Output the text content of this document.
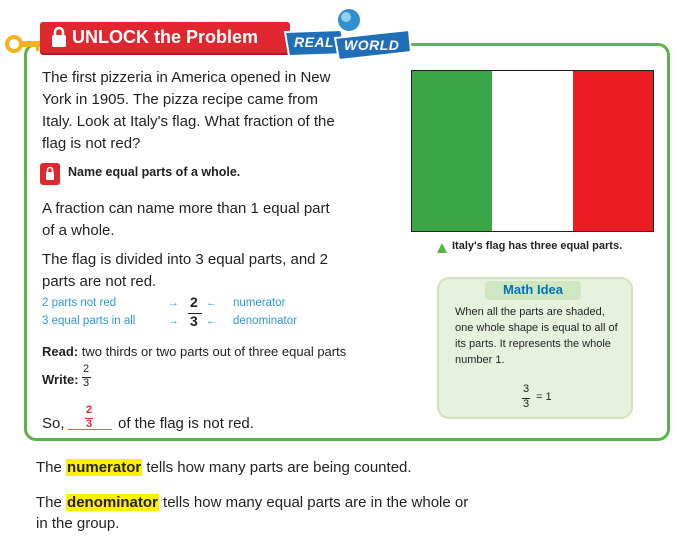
UNLOCK the Problem	REAL WORLD
The first pizzeria in America opened in New York in 1905. The pizza recipe came from Italy. Look at Italy's flag. What fraction of the flag is not red?
Name equal parts of a whole.
A fraction can name more than 1 equal part of a whole.
The flag is divided into 3 equal parts, and 2 parts are not red.
2 parts not red
3 equal parts in all
→
→
2
3
←
←
numerator
denominator
Read: two thirds or two parts out of three equal parts
Write:
2
3
So,
2
3 of the flag is not red.
Italy's flag has three equal parts.
Math Idea
When all the parts are shaded, one whole shape is equal to all of its parts. It represents the whole number 1.
3
3
= 1
The numerator tells how many parts are being counted.
The denominator tells how many equal parts are in the whole or in the group.
